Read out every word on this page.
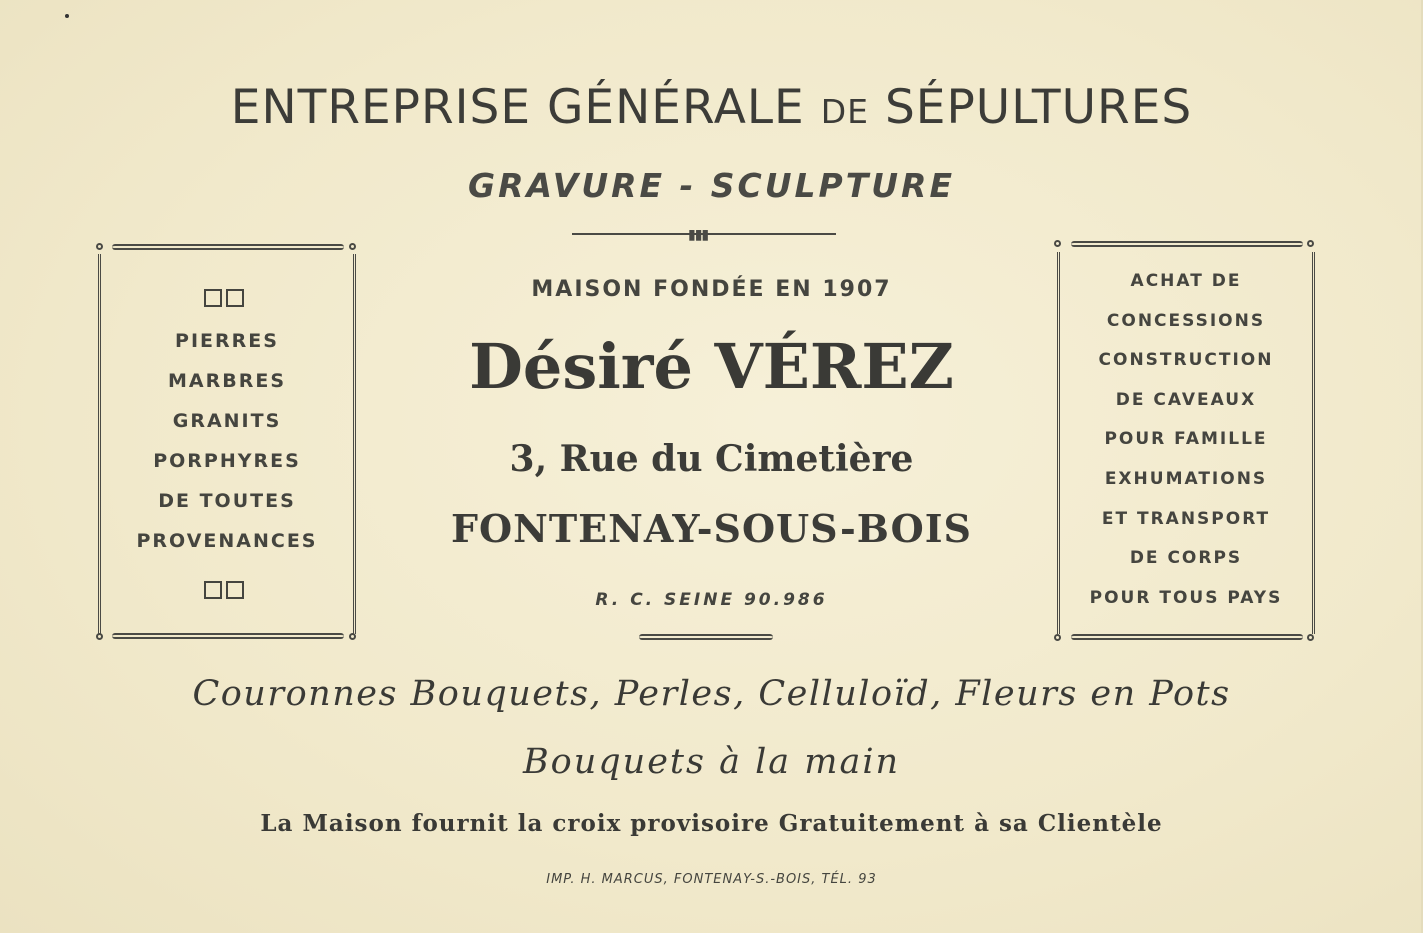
ENTREPRISE GÉNÉRALE DE SÉPULTURES
GRAVURE - SCULPTURE
▮▮▮
PIERRES
MARBRES
GRANITS
PORPHYRES
DE TOUTES
PROVENANCES
MAISON FONDÉE EN 1907
Désiré VÉREZ
3, Rue du Cimetière
FONTENAY-SOUS-BOIS
R. C. SEINE 90.986
ACHAT DE
CONCESSIONS
CONSTRUCTION
DE CAVEAUX
POUR FAMILLE
EXHUMATIONS
ET TRANSPORT
DE CORPS
POUR TOUS PAYS
Couronnes Bouquets, Perles, Celluloïd, Fleurs en Pots
Bouquets à la main
La Maison fournit la croix provisoire Gratuitement à sa Clientèle
IMP. H. MARCUS, FONTENAY-S.-BOIS, TÉL. 93
